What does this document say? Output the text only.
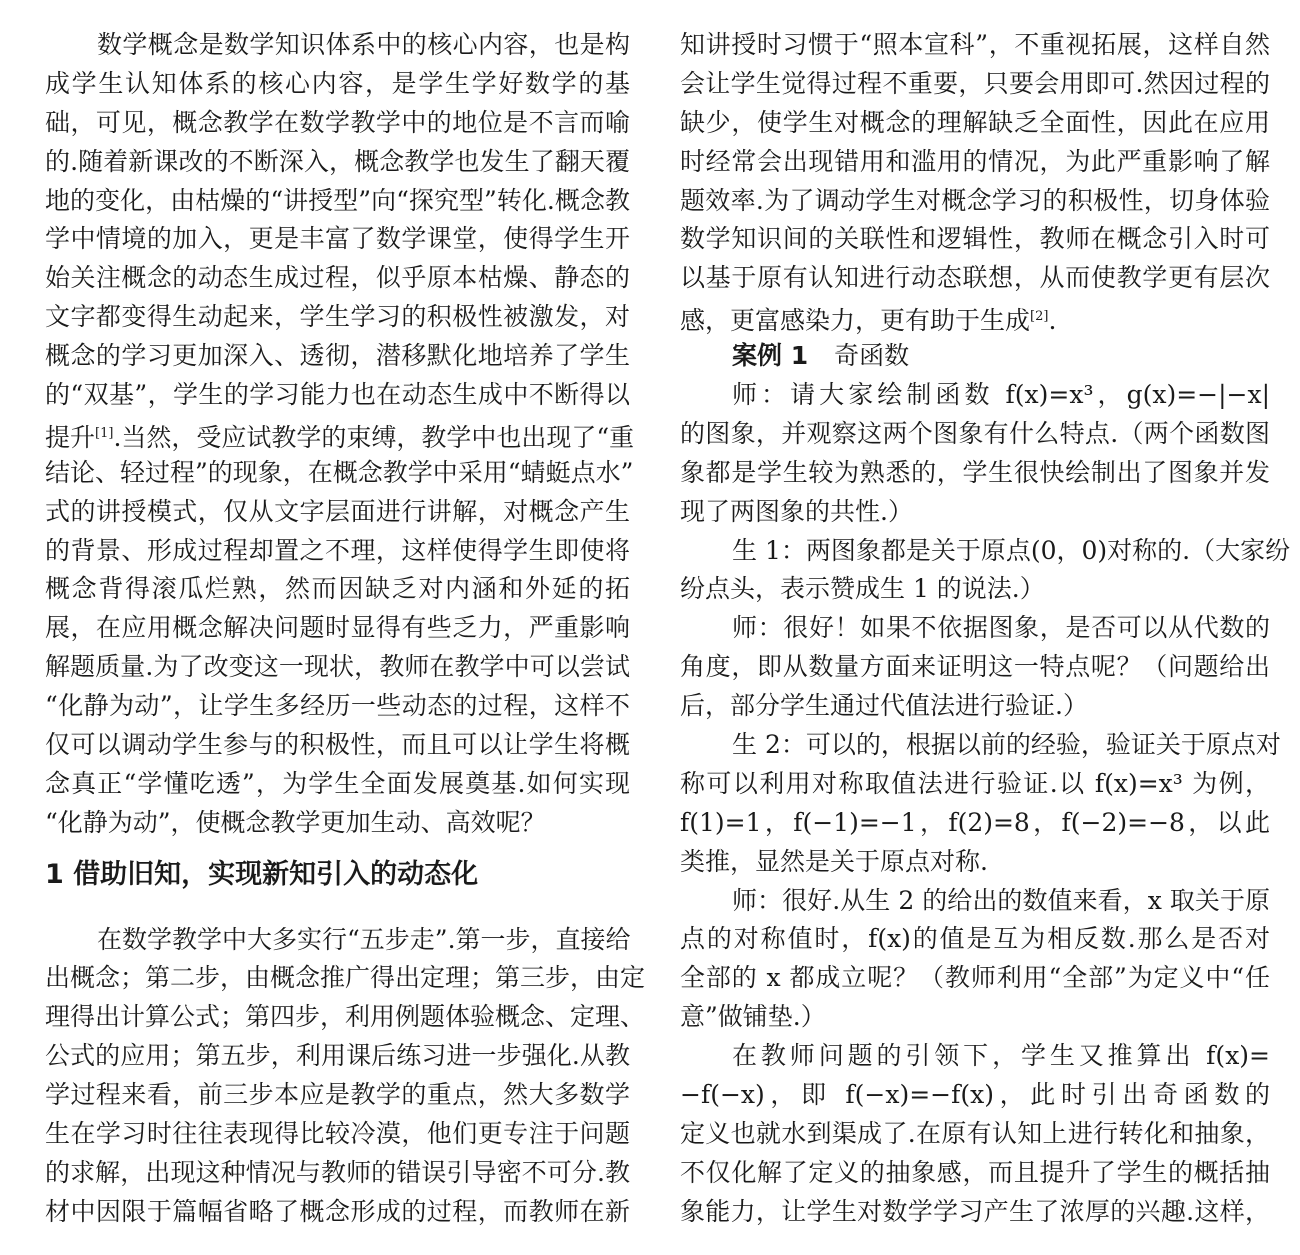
数学概念是数学知识体系中的核心内容，也是构
成学生认知体系的核心内容，是学生学好数学的基
础，可见，概念教学在数学教学中的地位是不言而喻
的.随着新课改的不断深入，概念教学也发生了翻天覆
地的变化，由枯燥的“讲授型”向“探究型”转化.概念教
学中情境的加入，更是丰富了数学课堂，使得学生开
始关注概念的动态生成过程，似乎原本枯燥、静态的
文字都变得生动起来，学生学习的积极性被激发，对
概念的学习更加深入、透彻，潜移默化地培养了学生
的“双基”，学生的学习能力也在动态生成中不断得以
提升[1].当然，受应试教学的束缚，教学中也出现了“重
结论、轻过程”的现象，在概念教学中采用“蜻蜓点水”
式的讲授模式，仅从文字层面进行讲解，对概念产生
的背景、形成过程却置之不理，这样使得学生即使将
概念背得滚瓜烂熟，然而因缺乏对内涵和外延的拓
展，在应用概念解决问题时显得有些乏力，严重影响
解题质量.为了改变这一现状，教师在教学中可以尝试
“化静为动”，让学生多经历一些动态的过程，这样不
仅可以调动学生参与的积极性，而且可以让学生将概
念真正“学懂吃透”，为学生全面发展奠基.如何实现
“化静为动”，使概念教学更加生动、高效呢？
1 借助旧知，实现新知引入的动态化
在数学教学中大多实行“五步走”.第一步，直接给
出概念；第二步，由概念推广得出定理；第三步，由定
理得出计算公式；第四步，利用例题体验概念、定理、
公式的应用；第五步，利用课后练习进一步强化.从教
学过程来看，前三步本应是教学的重点，然大多数学
生在学习时往往表现得比较冷漠，他们更专注于问题
的求解，出现这种情况与教师的错误引导密不可分.教
材中因限于篇幅省略了概念形成的过程，而教师在新
知讲授时习惯于“照本宣科”，不重视拓展，这样自然
会让学生觉得过程不重要，只要会用即可.然因过程的
缺少，使学生对概念的理解缺乏全面性，因此在应用
时经常会出现错用和滥用的情况，为此严重影响了解
题效率.为了调动学生对概念学习的积极性，切身体验
数学知识间的关联性和逻辑性，教师在概念引入时可
以基于原有认知进行动态联想，从而使教学更有层次
感，更富感染力，更有助于生成[2].
案例 1 奇函数
师：请大家绘制函数 f(x)=x³，g(x)=−|−x|
的图象，并观察这两个图象有什么特点.（两个函数图
象都是学生较为熟悉的，学生很快绘制出了图象并发
现了两图象的共性.）
生 1：两图象都是关于原点(0，0)对称的.（大家纷
纷点头，表示赞成生 1 的说法.）
师：很好！如果不依据图象，是否可以从代数的
角度，即从数量方面来证明这一特点呢？（问题给出
后，部分学生通过代值法进行验证.）
生 2：可以的，根据以前的经验，验证关于原点对
称可以利用对称取值法进行验证.以 f(x)=x³ 为例，
f(1)=1，f(−1)=−1，f(2)=8，f(−2)=−8，以此
类推，显然是关于原点对称.
师：很好.从生 2 的给出的数值来看，x 取关于原
点的对称值时，f(x)的值是互为相反数.那么是否对
全部的 x 都成立呢？（教师利用“全部”为定义中“任
意”做铺垫.）
在教师问题的引领下，学生又推算出 f(x)=
−f(−x)，即 f(−x)=−f(x)，此时引出奇函数的
定义也就水到渠成了.在原有认知上进行转化和抽象，
不仅化解了定义的抽象感，而且提升了学生的概括抽
象能力，让学生对数学学习产生了浓厚的兴趣.这样，
